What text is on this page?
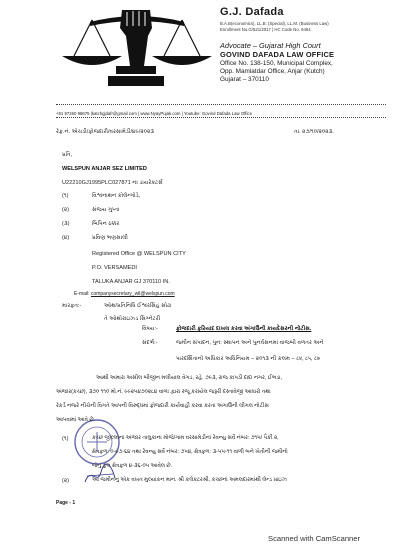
G.J. Dafada
B.A.B(economics), LL.B. (Special), LL.M. (Business Law)
Enrollment No.G/521/2017 | HC Code No. 9464
Advocate – Gujarat High Court
GOVIND DAFADA LAW OFFICE
Office No. 138-150, Municipal Complex,
Opp. Mamlatdar Office, Anjar (Kutch)
Gujarat – 370110
+91 97260 98675 |katchgjdafr@gmail.com | www.NyayPujak.com | Youtube: Govind Dafada Law Office
રેફ.નં. એચડી/ફોજદારી/વરસામેડી/૪૯/૨૦૨૩	તા. ૨૭/૧૦/૨૦૨૩.
પ્રતિ,
WELSPUN ANJAR SEZ LIMITED
U22210GJ1995PLC027871 ના ડાયરેક્ટર્સ
(૧)	વિશ્વનાથન કોલેન્ગોડે,
(૨)	સંજય ગુપ્તા
(૩)	બિપિન ઠક્કર
(૪)	પ્રવિણ ભણસાલી
Registered Office @ WELSPUN CITY
P.O. VERSAMEDI
TALUKA ANJAR GJ 370110 IN.
E-mail: companysecretary_wil@welspun.com
મારફત:-	ઓથ/પ્રતિનિધિ ઈશ્વરસિંહ સોઢા
તે ઓથોરાઇઝ્ડ સિગ્નેટરી
વિષય:-	ફોજદારી ફરિયાદ દાખલ કરવા અંગાઉની કાયદેસરની નોટીસ.
સંદર્ભ:-	જમીન સંપાદન, પુન: સ્થાપન અને પુનર્વસનમાં વાજબી વળતર અને
પારદર્શિતાનો અધિકાર અધિનિયમ – ૨૦૧૩ ની કલમ – ८४, ८५, ८७
આથી અમારા અસીલ બીજીન મલીયાલ વેગડ, રહે. ૭૯૩, રાજ કાપડી દાદા નગર, ઈભડા,
અંજાર(કચ્છ), ૩૭૦ ૧૧૦ મો.નં. ૯૯૨૫૪૭૦૨૮૪ વાળા દ્વારા રજૂ કરાયેલ જરૂરી દસ્તાવેજી આધારો તથા
રેકર્ડ નજરે નીચેની વિગતે આપની વિરુદ્ધમાં ફોજદારી કાર્યવાહી કરવા કરતા અંગાઉની લીગલ નોટીસ
આપવામાં આવે છે.
(૧)	કચ્છ જીલ્લાના અંજાર તાલુકાના મોજે/ગામ વરસામેડીના રેવન્યુ સર્વે નંબર: ૭૧૫/ પૈકી ૨,
ક્ષેત્રફળ: ૦-૯૭-૬૪ તથા રેવન્યુ સર્વે નંબર: ૭૫૪, ક્ષેત્રફળ: ૩-૫૫-૧૧ વાળી બને ખેતીની જમીનો
જેનું કુલ ક્ષેત્રફળ ૪-૩૬-૦૫ આવેલ છે.
(૨)	આ જમીનનું એક વખત મુલ્યાંકન માન. શ્રી કલેક્ટરશ્રી, કચ્છનાં અમલદારમાંથી લેન્ડ પ્રાઇઝ
Page - 1
Scanned with CamScanner
